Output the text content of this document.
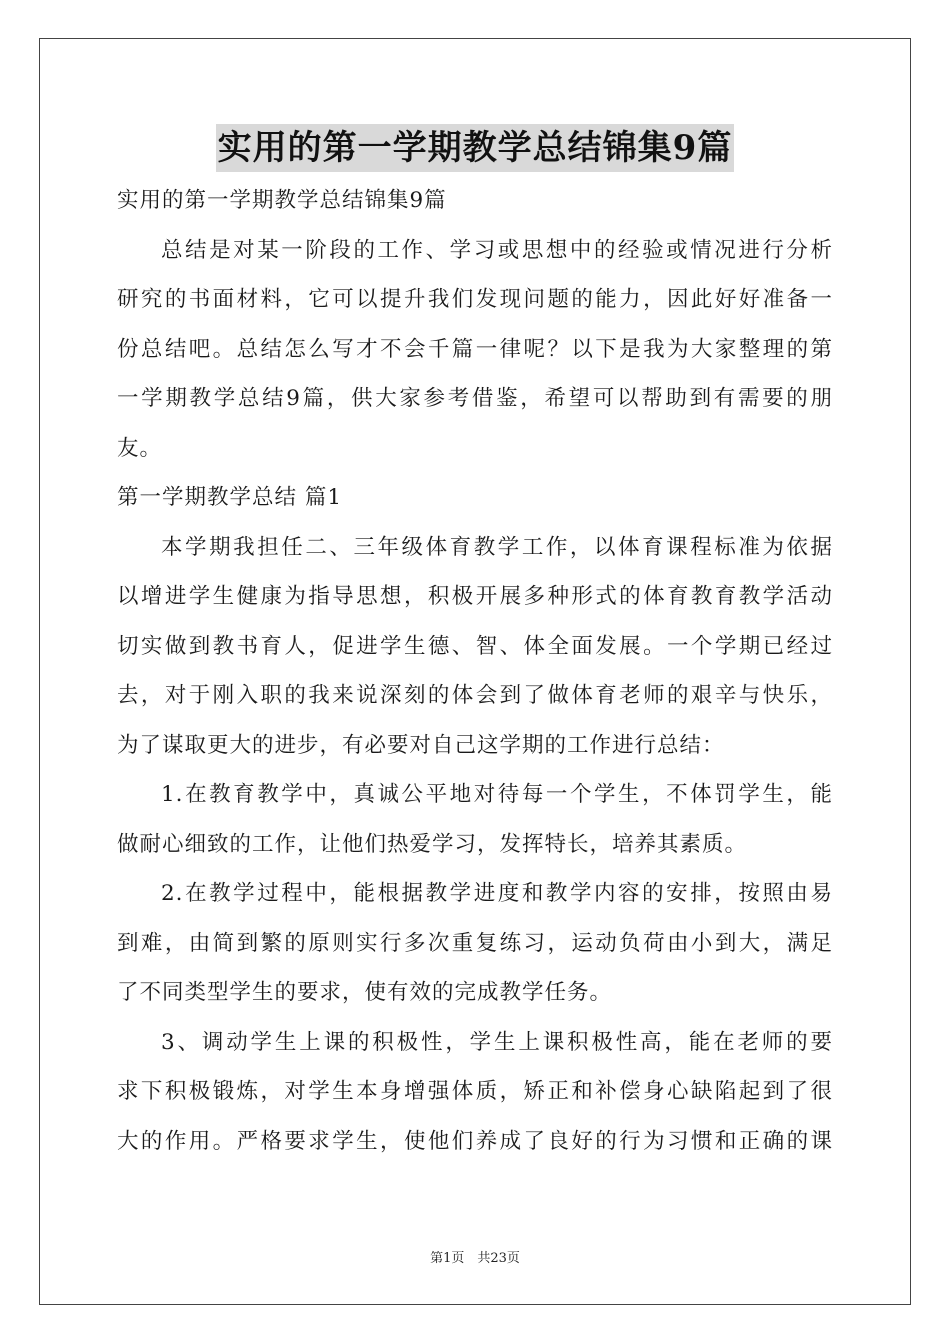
实用的第一学期教学总结锦集9篇
实用的第一学期教学总结锦集9篇
总结是对某一阶段的工作、学习或思想中的经验或情况进行分析
研究的书面材料，它可以提升我们发现问题的能力，因此好好准备一
份总结吧。总结怎么写才不会千篇一律呢？以下是我为大家整理的第
一学期教学总结9篇，供大家参考借鉴，希望可以帮助到有需要的朋
友。
第一学期教学总结 篇1
本学期我担任二、三年级体育教学工作，以体育课程标准为依据
以增进学生健康为指导思想，积极开展多种形式的体育教育教学活动
切实做到教书育人，促进学生德、智、体全面发展。一个学期已经过
去，对于刚入职的我来说深刻的体会到了做体育老师的艰辛与快乐，
为了谋取更大的进步，有必要对自己这学期的工作进行总结：
1.在教育教学中，真诚公平地对待每一个学生，不体罚学生，能
做耐心细致的工作，让他们热爱学习，发挥特长，培养其素质。
2.在教学过程中，能根据教学进度和教学内容的安排，按照由易
到难，由简到繁的原则实行多次重复练习，运动负荷由小到大，满足
了不同类型学生的要求，使有效的完成教学任务。
3、调动学生上课的积极性，学生上课积极性高，能在老师的要
求下积极锻炼，对学生本身增强体质，矫正和补偿身心缺陷起到了很
大的作用。严格要求学生，使他们养成了良好的行为习惯和正确的课
第1页　共23页
